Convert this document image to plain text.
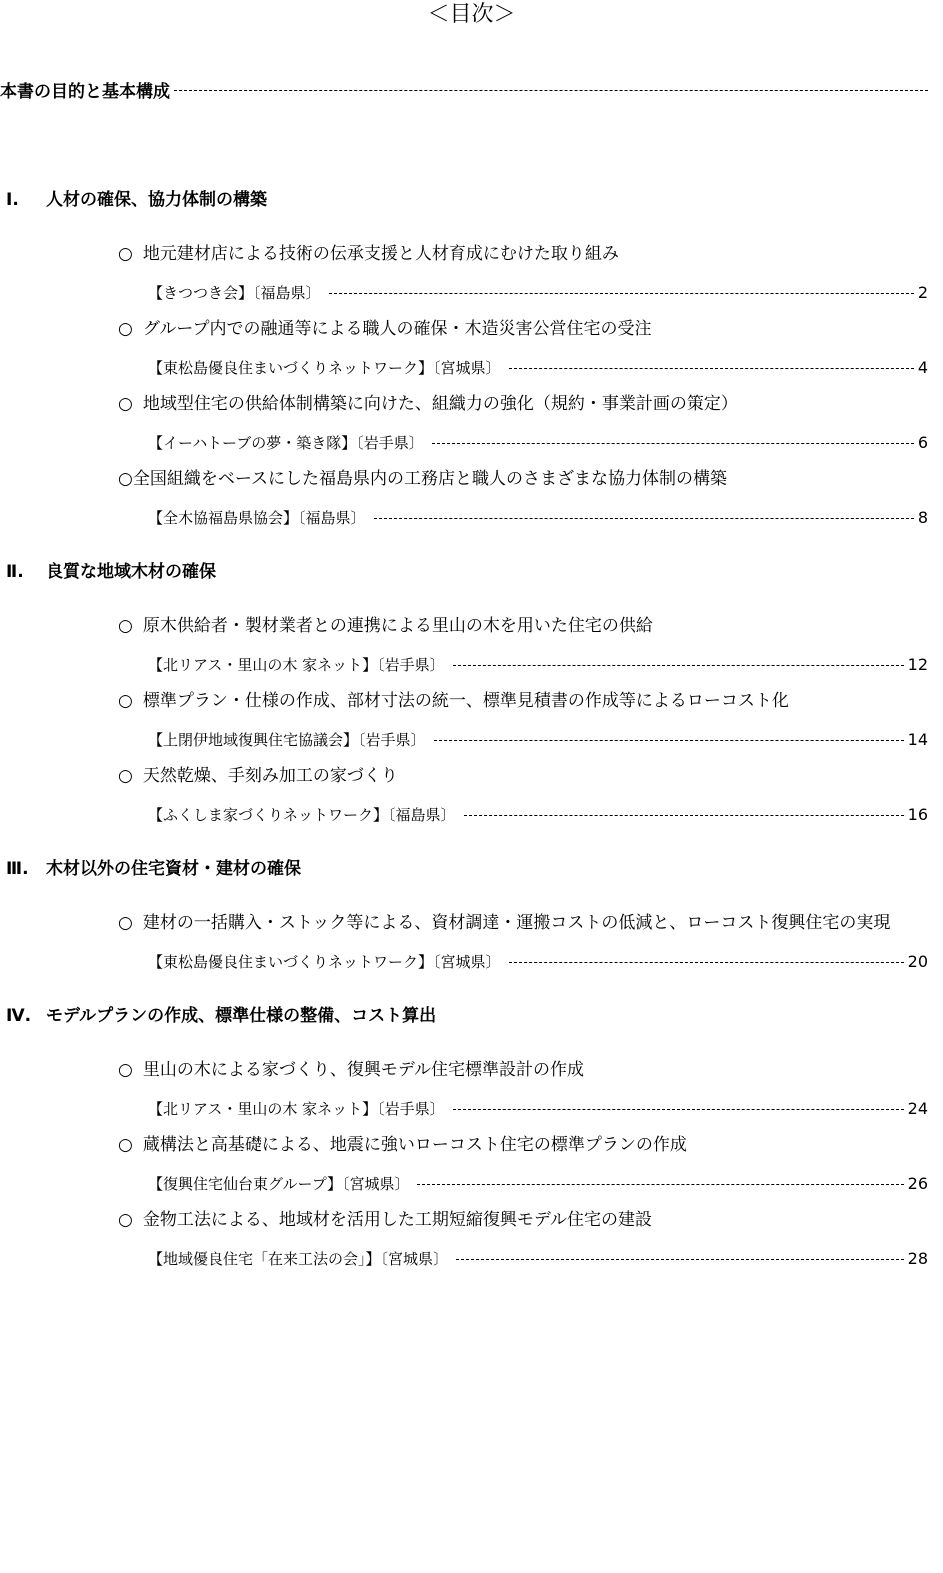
＜目次＞
本書の目的と基本構成
Ⅰ. 人材の確保、協力体制の構築
○ 地元建材店による技術の伝承支援と人材育成にむけた取り組み
【きつつき会】〔福島県〕	2
○ グループ内での融通等による職人の確保・木造災害公営住宅の受注
【東松島優良住まいづくりネットワーク】〔宮城県〕	4
○ 地域型住宅の供給体制構築に向けた、組織力の強化（規約・事業計画の策定）
【イーハトーブの夢・築き隊】〔岩手県〕	6
○ 全国組織をベースにした福島県内の工務店と職人のさまざまな協力体制の構築
【全木協福島県協会】〔福島県〕	8
Ⅱ. 良質な地域木材の確保
○ 原木供給者・製材業者との連携による里山の木を用いた住宅の供給
【北リアス・里山の木 家ネット】〔岩手県〕	12
○ 標準プラン・仕様の作成、部材寸法の統一、標準見積書の作成等によるローコスト化
【上閉伊地域復興住宅協議会】〔岩手県〕	14
○ 天然乾燥、手刻み加工の家づくり
【ふくしま家づくりネットワーク】〔福島県〕	16
Ⅲ. 木材以外の住宅資材・建材の確保
○ 建材の一括購入・ストック等による、資材調達・運搬コストの低減と、ローコスト復興住宅の実現
【東松島優良住まいづくりネットワーク】〔宮城県〕	20
Ⅳ. モデルプランの作成、標準仕様の整備、コスト算出
○ 里山の木による家づくり、復興モデル住宅標準設計の作成
【北リアス・里山の木 家ネット】〔岩手県〕	24
○ 蔵構法と高基礎による、地震に強いローコスト住宅の標準プランの作成
【復興住宅仙台東グループ】〔宮城県〕	26
○ 金物工法による、地域材を活用した工期短縮復興モデル住宅の建設
【地域優良住宅「在来工法の会」】〔宮城県〕	28
